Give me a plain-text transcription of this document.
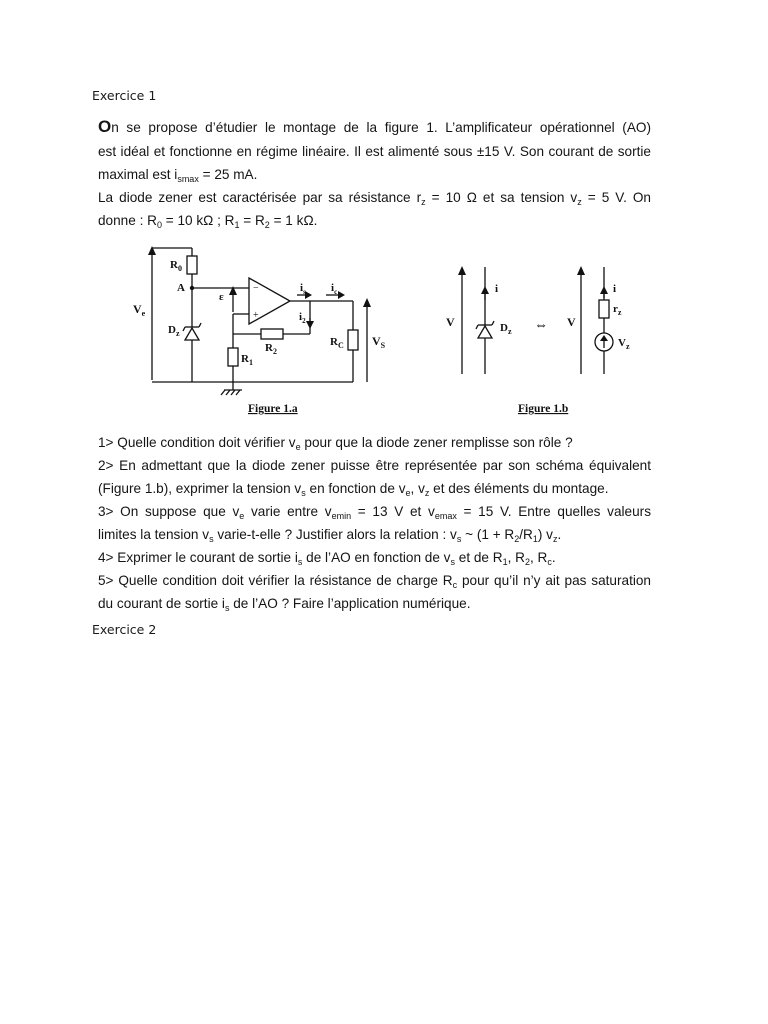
Exercice 1
On se propose d’étudier le montage de la figure 1. L’amplificateur opérationnel (AO)
est idéal et fonctionne en régime linéaire. Il est alimenté sous ±15 V. Son courant de sortie
maximal est $i_{smax} = 25$ mA.
La diode zener est caractérisée par sa résistance $r_z = 10$ Ω et sa tension $v_z = 5$ V. On
donne : $R_0 = 10$ kΩ ; $R_1 = R_2 = 1$ kΩ.
$R_0$
A
$V_e$
$D_z$
ε
−
+
$i_s$ $i_c$
$i_2$
$R_2$
$R_1$
$R_C$ $V_S$
Figure 1.a
i
V	$D_z$ ⇔ V
i
$r_z$
$V_z$
Figure 1.b
1> Quelle condition doit vérifier $v_e$ pour que la diode zener remplisse son rôle ?
2> En admettant que la diode zener puisse être représentée par son schéma équivalent
(Figure 1.b), exprimer la tension $v_s$ en fonction de $v_e$, $v_z$ et des éléments du montage.
3> On suppose que $v_e$ varie entre $v_{emin} = 13$ V et $v_{emax} = 15$ V. Entre quelles valeurs
limites la tension $v_s$ varie-t-elle ? Justifier alors la relation : $v_s$ ~ $(1 + R_2/R_1)$ $v_z$.
4> Exprimer le courant de sortie $i_s$ de l’AO en fonction de $v_s$ et de $R_1$, $R_2$, $R_c$.
5> Quelle condition doit vérifier la résistance de charge $R_c$ pour qu’il n’y ait pas saturation
du courant de sortie $i_s$ de l’AO ? Faire l’application numérique.
Exercice 2
